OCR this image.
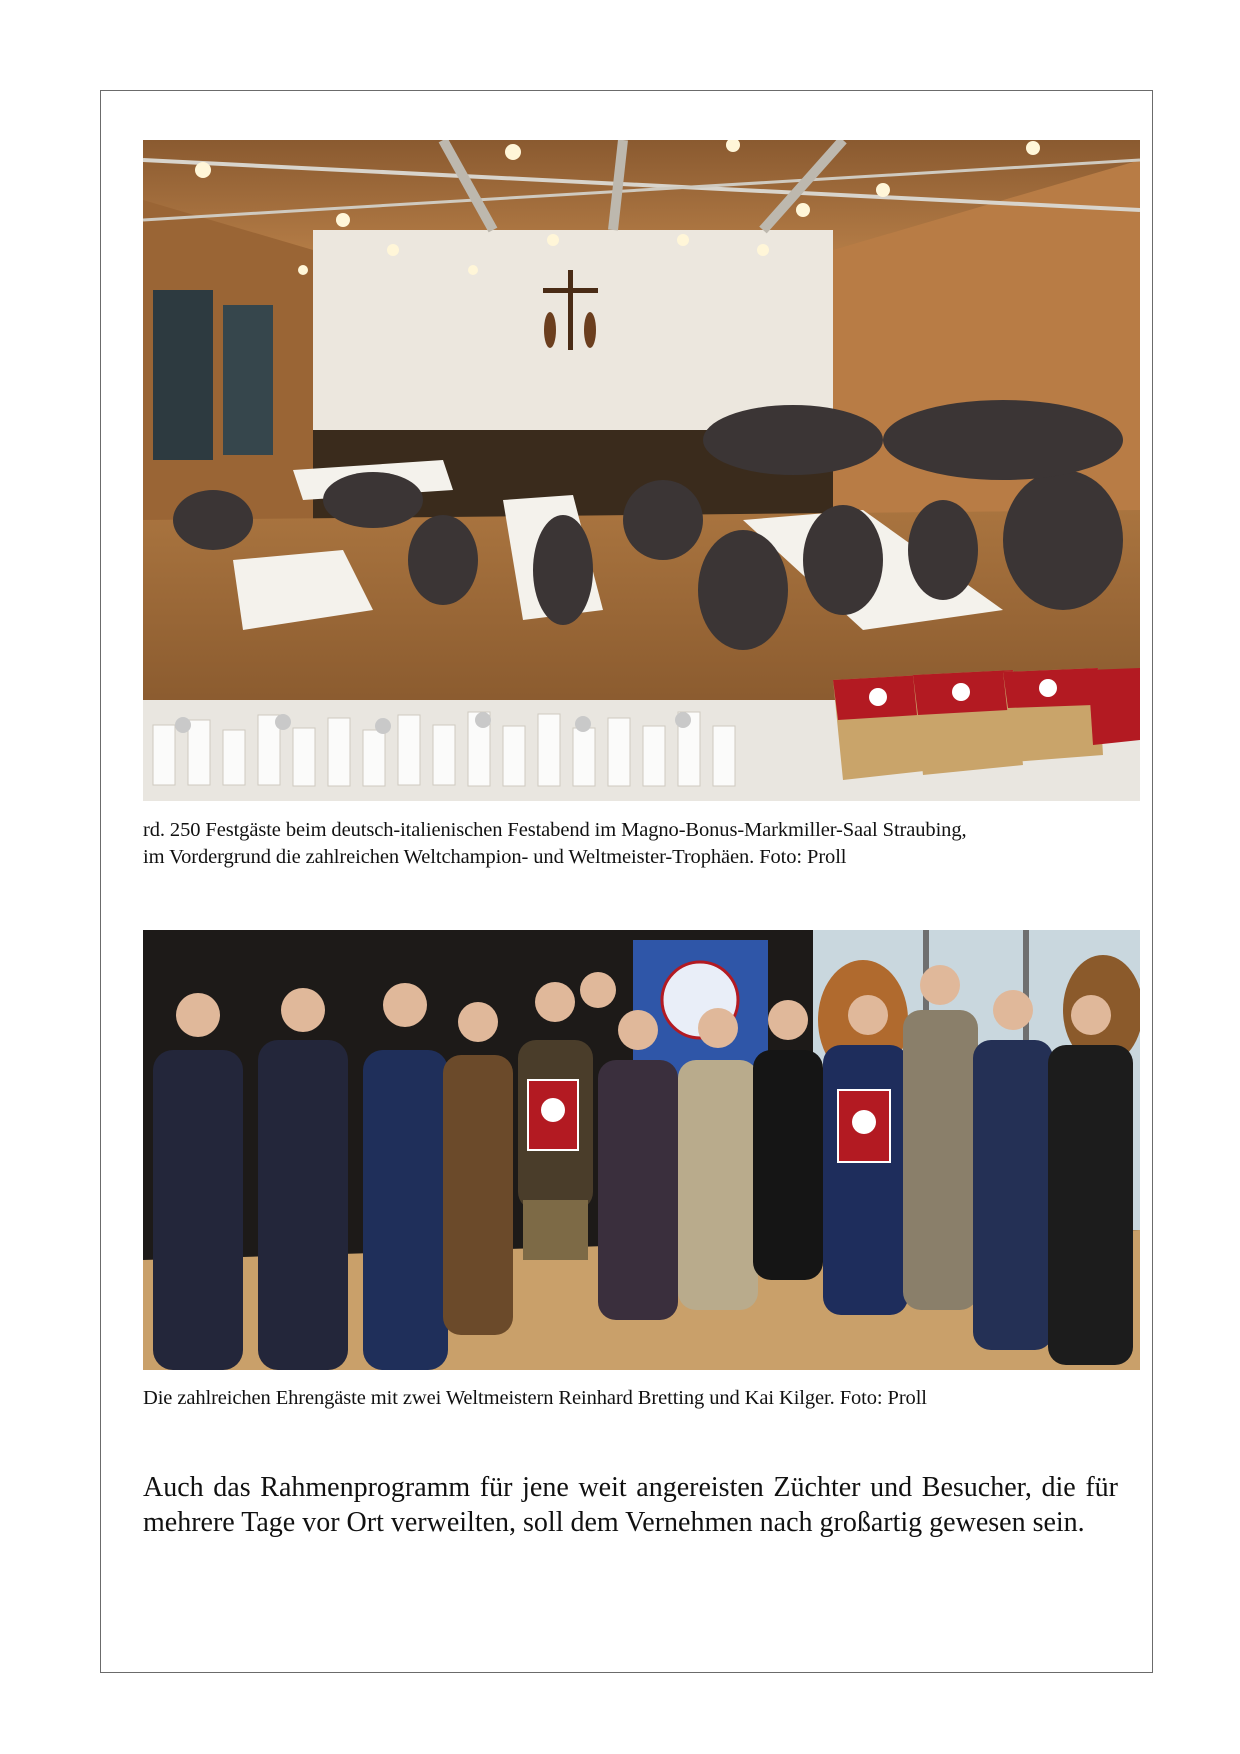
rd. 250 Festgäste beim deutsch-italienischen Festabend im Magno-Bonus-Markmiller-Saal Straubing,
im Vordergrund die zahlreichen Weltchampion- und Weltmeister-Trophäen. Foto: Proll
Die zahlreichen Ehrengäste mit zwei Weltmeistern Reinhard Bretting und Kai Kilger. Foto: Proll
Auch das Rahmenprogramm für jene weit angereisten Züchter und Besucher, die für mehrere Tage vor Ort verweilten, soll dem Vernehmen nach großartig gewesen sein.
